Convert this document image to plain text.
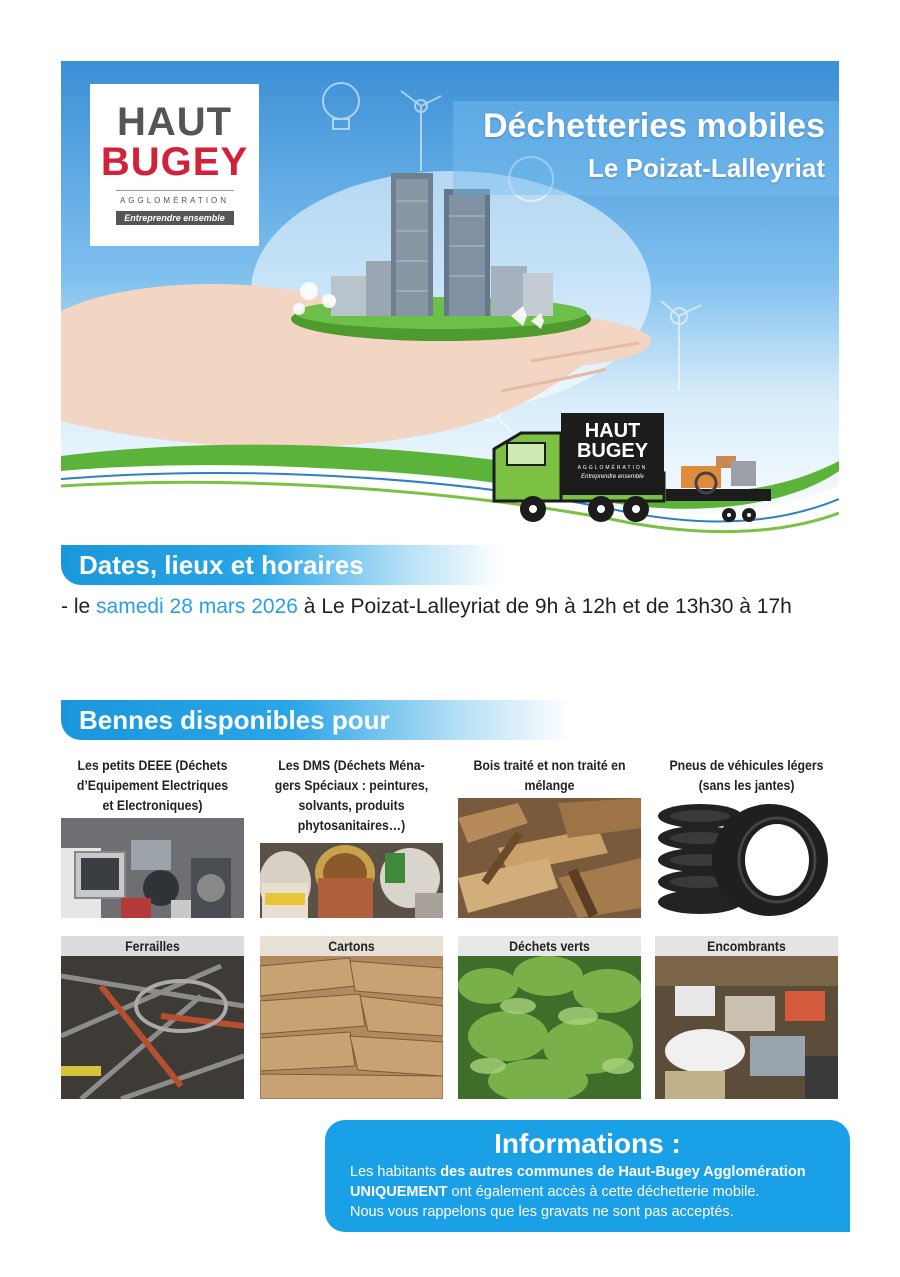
HAUT
BUGEY
AGGLOMÉRATION
Entreprendre ensemble
Déchetteries mobiles
Le Poizat-Lalleyriat
HAUT
BUGEY
AGGLOMÉRATION
Entreprendre ensemble
Dates, lieux et horaires
- le samedi 28 mars 2026 à Le Poizat-Lalleyriat de 9h à 12h et de 13h30 à 17h
Bennes disponibles pour
Les petits DEEE (Déchets d’Equipement Electriques et Electroniques)
Les DMS (Déchets Ména-gers Spéciaux : peintures, solvants, produits phytosanitaires…)
Bois traité et non traité en mélange
Pneus de véhicules légers (sans les jantes)
Ferrailles	Cartons	Déchets verts	Encombrants
Informations :
Les habitants des autres communes de Haut-Bugey Agglomération
UNIQUEMENT ont également accès à cette déchetterie mobile.
Nous vous rappelons que les gravats ne sont pas acceptés.
